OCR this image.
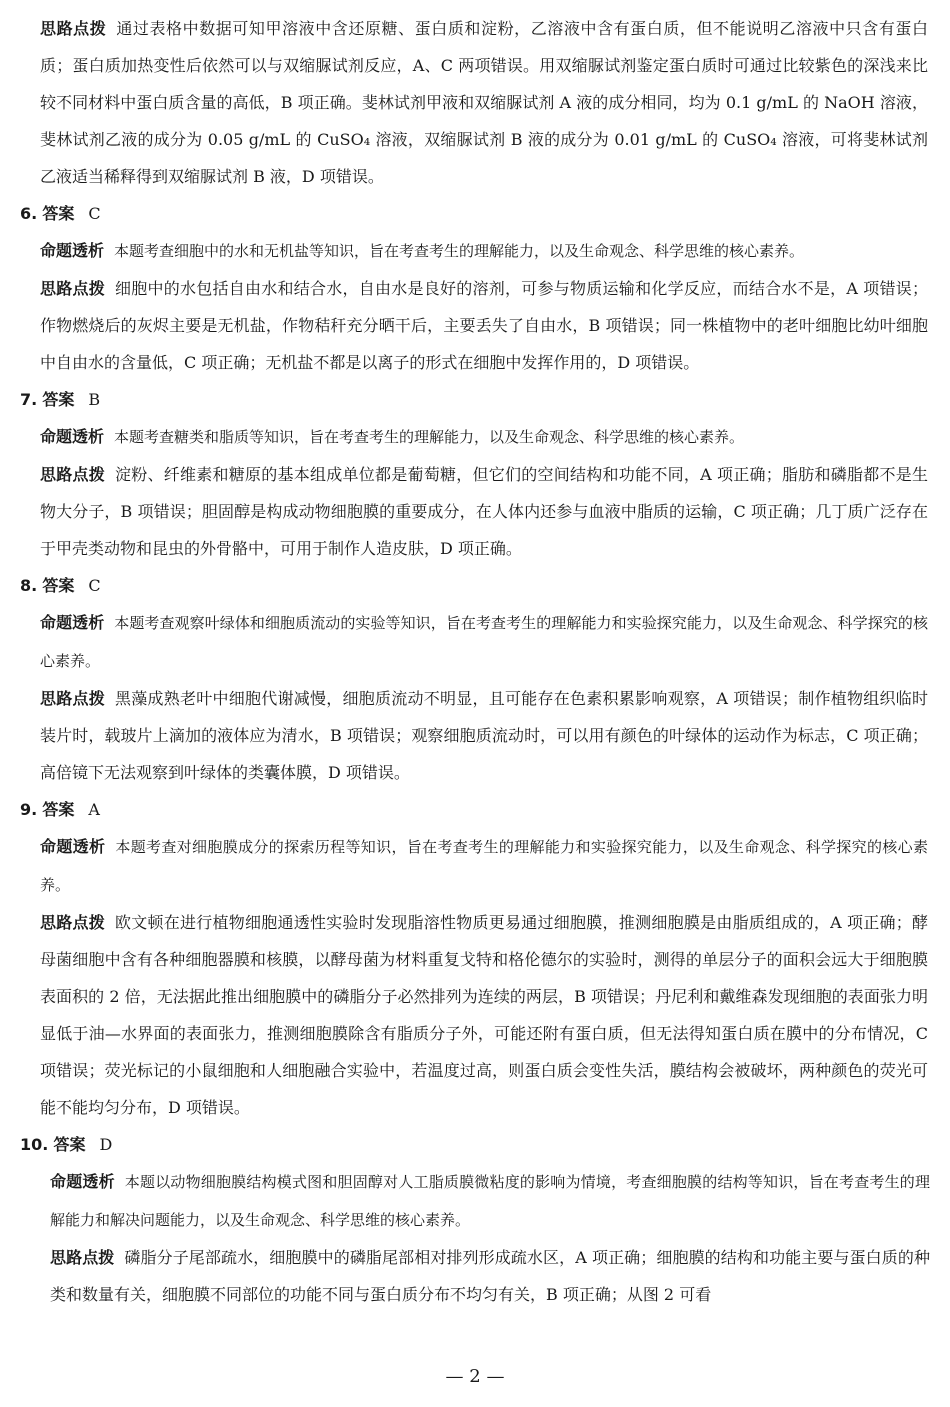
思路点拨 通过表格中数据可知甲溶液中含还原糖、蛋白质和淀粉，乙溶液中含有蛋白质，但不能说明乙溶液中只含有蛋白质；蛋白质加热变性后依然可以与双缩脲试剂反应，A、C 两项错误。用双缩脲试剂鉴定蛋白质时可通过比较紫色的深浅来比较不同材料中蛋白质含量的高低，B 项正确。斐林试剂甲液和双缩脲试剂 A 液的成分相同，均为 0.1 g/mL 的 NaOH 溶液，斐林试剂乙液的成分为 0.05 g/mL 的 CuSO₄ 溶液，双缩脲试剂 B 液的成分为 0.01 g/mL 的 CuSO₄ 溶液，可将斐林试剂乙液适当稀释得到双缩脲试剂 B 液，D 项错误。

6. 答案 C

命题透析 本题考查细胞中的水和无机盐等知识，旨在考查考生的理解能力，以及生命观念、科学思维的核心素养。

思路点拨 细胞中的水包括自由水和结合水，自由水是良好的溶剂，可参与物质运输和化学反应，而结合水不是，A 项错误；作物燃烧后的灰烬主要是无机盐，作物秸秆充分晒干后，主要丢失了自由水，B 项错误；同一株植物中的老叶细胞比幼叶细胞中自由水的含量低，C 项正确；无机盐不都是以离子的形式在细胞中发挥作用的，D 项错误。

7. 答案 B

命题透析 本题考查糖类和脂质等知识，旨在考查考生的理解能力，以及生命观念、科学思维的核心素养。

思路点拨 淀粉、纤维素和糖原的基本组成单位都是葡萄糖，但它们的空间结构和功能不同，A 项正确；脂肪和磷脂都不是生物大分子，B 项错误；胆固醇是构成动物细胞膜的重要成分，在人体内还参与血液中脂质的运输，C 项正确；几丁质广泛存在于甲壳类动物和昆虫的外骨骼中，可用于制作人造皮肤，D 项正确。

8. 答案 C

命题透析 本题考查观察叶绿体和细胞质流动的实验等知识，旨在考查考生的理解能力和实验探究能力，以及生命观念、科学探究的核心素养。

思路点拨 黑藻成熟老叶中细胞代谢减慢，细胞质流动不明显，且可能存在色素积累影响观察，A 项错误；制作植物组织临时装片时，载玻片上滴加的液体应为清水，B 项错误；观察细胞质流动时，可以用有颜色的叶绿体的运动作为标志，C 项正确；高倍镜下无法观察到叶绿体的类囊体膜，D 项错误。

9. 答案 A

命题透析 本题考查对细胞膜成分的探索历程等知识，旨在考查考生的理解能力和实验探究能力，以及生命观念、科学探究的核心素养。

思路点拨 欧文顿在进行植物细胞通透性实验时发现脂溶性物质更易通过细胞膜，推测细胞膜是由脂质组成的，A 项正确；酵母菌细胞中含有各种细胞器膜和核膜，以酵母菌为材料重复戈特和格伦德尔的实验时，测得的单层分子的面积会远大于细胞膜表面积的 2 倍，无法据此推出细胞膜中的磷脂分子必然排列为连续的两层，B 项错误；丹尼利和戴维森发现细胞的表面张力明显低于油—水界面的表面张力，推测细胞膜除含有脂质分子外，可能还附有蛋白质，但无法得知蛋白质在膜中的分布情况，C 项错误；荧光标记的小鼠细胞和人细胞融合实验中，若温度过高，则蛋白质会变性失活，膜结构会被破坏，两种颜色的荧光可能不能均匀分布，D 项错误。

10. 答案 D

命题透析 本题以动物细胞膜结构模式图和胆固醇对人工脂质膜微粘度的影响为情境，考查细胞膜的结构等知识，旨在考查考生的理解能力和解决问题能力，以及生命观念、科学思维的核心素养。

思路点拨 磷脂分子尾部疏水，细胞膜中的磷脂尾部相对排列形成疏水区，A 项正确；细胞膜的结构和功能主要与蛋白质的种类和数量有关，细胞膜不同部位的功能不同与蛋白质分布不均匀有关，B 项正确；从图 2 可看

— 2 —
